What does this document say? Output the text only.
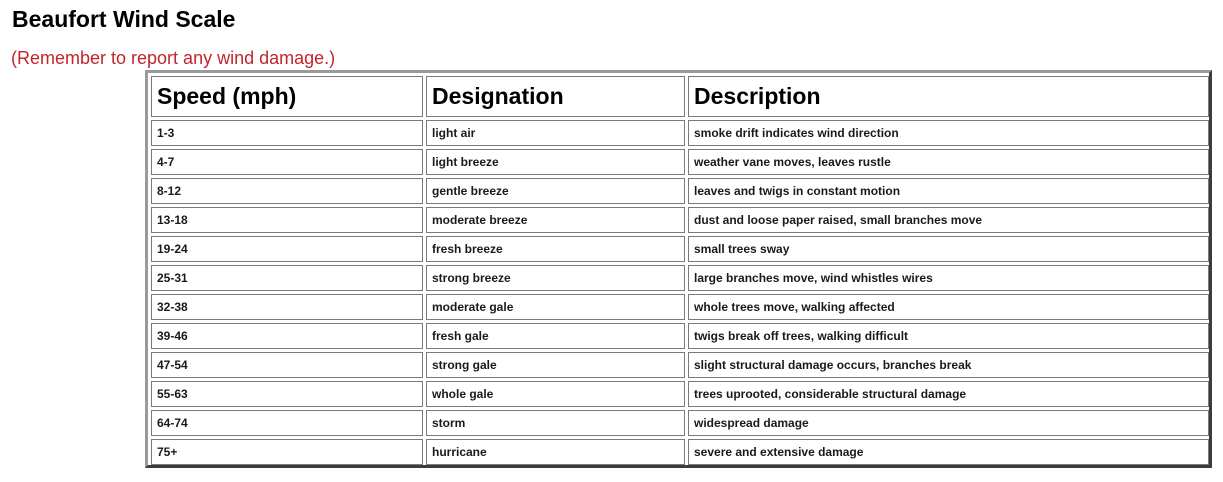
Beaufort Wind Scale

(Remember to report any wind damage.)

Speed (mph)	Designation	Description
1-3	light air	smoke drift indicates wind direction
4-7	light breeze	weather vane moves, leaves rustle
8-12	gentle breeze	leaves and twigs in constant motion
13-18	moderate breeze	dust and loose paper raised, small branches move
19-24	fresh breeze	small trees sway
25-31	strong breeze	large branches move, wind whistles wires
32-38	moderate gale	whole trees move, walking affected
39-46	fresh gale	twigs break off trees, walking difficult
47-54	strong gale	slight structural damage occurs, branches break
55-63	whole gale	trees uprooted, considerable structural damage
64-74	storm	widespread damage
75+	hurricane	severe and extensive damage
